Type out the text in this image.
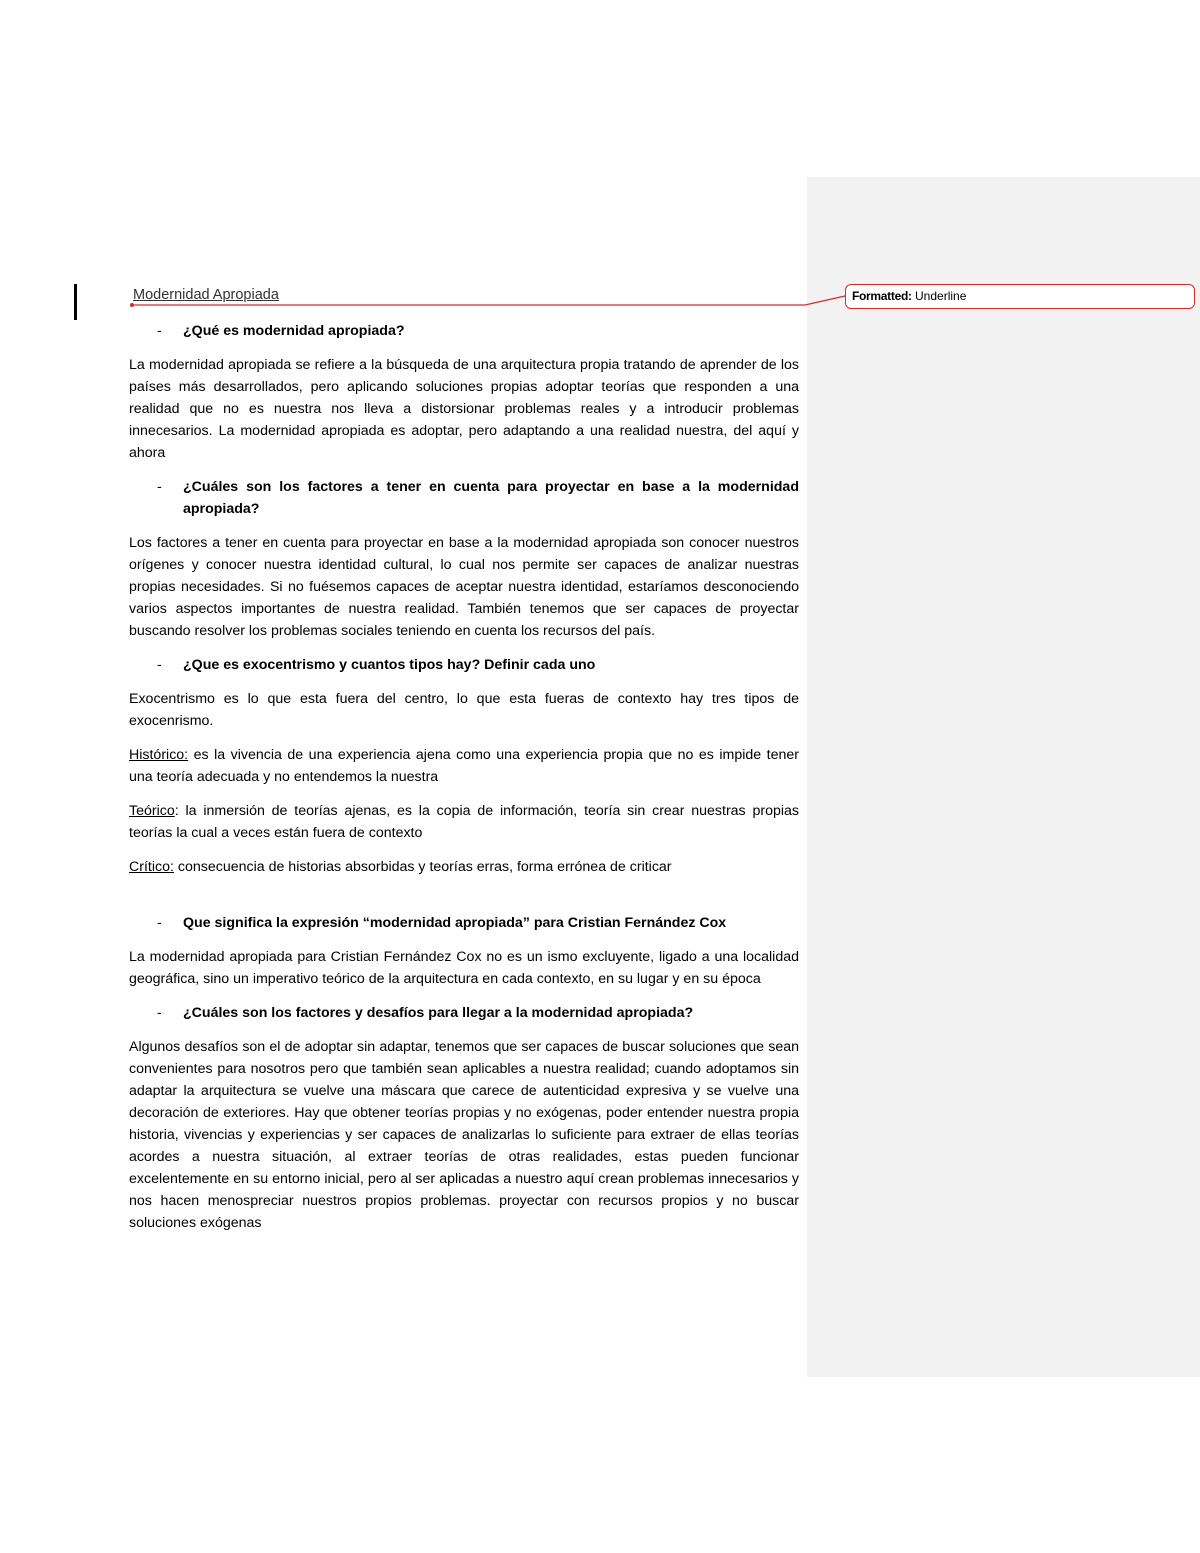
Formatted: Underline
Modernidad Apropiada
- ¿Qué es modernidad apropiada?

La modernidad apropiada se refiere a la búsqueda de una arquitectura propia tratando de aprender de los países más desarrollados, pero aplicando soluciones propias adoptar teorías que responden a una realidad que no es nuestra nos lleva a distorsionar problemas reales y a introducir problemas innecesarios. La modernidad apropiada es adoptar, pero adaptando a una realidad nuestra, del aquí y ahora

- ¿Cuáles son los factores a tener en cuenta para proyectar en base a la modernidad apropiada?

Los factores a tener en cuenta para proyectar en base a la modernidad apropiada son conocer nuestros orígenes y conocer nuestra identidad cultural, lo cual nos permite ser capaces de analizar nuestras propias necesidades. Si no fuésemos capaces de aceptar nuestra identidad, estaríamos desconociendo varios aspectos importantes de nuestra realidad. También tenemos que ser capaces de proyectar buscando resolver los problemas sociales teniendo en cuenta los recursos del país.

- ¿Que es exocentrismo y cuantos tipos hay? Definir cada uno

Exocentrismo es lo que esta fuera del centro, lo que esta fueras de contexto hay tres tipos de exocenrismo.

Histórico: es la vivencia de una experiencia ajena como una experiencia propia que no es impide tener una teoría adecuada y no entendemos la nuestra

Teórico: la inmersión de teorías ajenas, es la copia de información, teoría sin crear nuestras propias teorías la cual a veces están fuera de contexto

Crítico: consecuencia de historias absorbidas y teorías erras, forma errónea de criticar

- Que significa la expresión “modernidad apropiada” para Cristian Fernández Cox

La modernidad apropiada para Cristian Fernández Cox no es un ismo excluyente, ligado a una localidad geográfica, sino un imperativo teórico de la arquitectura en cada contexto, en su lugar y en su época

- ¿Cuáles son los factores y desafíos para llegar a la modernidad apropiada?

Algunos desafíos son el de adoptar sin adaptar, tenemos que ser capaces de buscar soluciones que sean convenientes para nosotros pero que también sean aplicables a nuestra realidad; cuando adoptamos sin adaptar la arquitectura se vuelve una máscara que carece de autenticidad expresiva y se vuelve una decoración de exteriores. Hay que obtener teorías propias y no exógenas, poder entender nuestra propia historia, vivencias y experiencias y ser capaces de analizarlas lo suficiente para extraer de ellas teorías acordes a nuestra situación, al extraer teorías de otras realidades, estas pueden funcionar excelentemente en su entorno inicial, pero al ser aplicadas a nuestro aquí crean problemas innecesarios y nos hacen menospreciar nuestros propios problemas. proyectar con recursos propios y no buscar soluciones exógenas
